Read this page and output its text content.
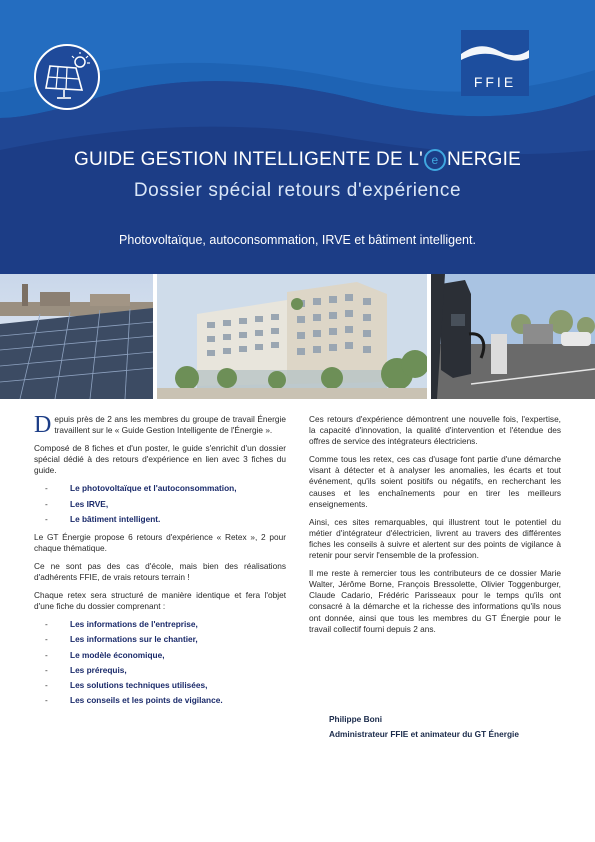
FFIE
GUIDE GESTION INTELLIGENTE DE L' e NERGIE
Dossier spécial retours d'expérience
Photovoltaïque, autoconsommation, IRVE et bâtiment intelligent.

Depuis près de 2 ans les membres du groupe de travail Énergie travaillent sur le « Guide Gestion Intelligente de l'Énergie ».

Composé de 8 fiches et d'un poster, le guide s'enrichit d'un dossier spécial dédié à des retours d'expérience en lien avec 3 fiches du guide.

- Le photovoltaïque et l'autoconsommation,
- Les IRVE,
- Le bâtiment intelligent.

Le GT Énergie propose 6 retours d'expérience « Retex », 2 pour chaque thématique.

Ce ne sont pas des cas d'école, mais bien des réalisations d'adhérents FFIE, de vrais retours terrain !

Chaque retex sera structuré de manière identique et fera l'objet d'une fiche du dossier comprenant :

- Les informations de l'entreprise,
- Les informations sur le chantier,
- Le modèle économique,
- Les prérequis,
- Les solutions techniques utilisées,
- Les conseils et les points de vigilance.

Ces retours d'expérience démontrent une nouvelle fois, l'expertise, la capacité d'innovation, la qualité d'intervention et l'étendue des offres de service des intégrateurs électriciens.

Comme tous les retex, ces cas d'usage font partie d'une démarche visant à détecter et à analyser les anomalies, les écarts et tout événement, qu'ils soient positifs ou négatifs, en recherchant les causes et les enchaînements pour en tirer les meilleurs enseignements.

Ainsi, ces sites remarquables, qui illustrent tout le potentiel du métier d'intégrateur d'électricien, livrent au travers des différentes fiches les conseils à suivre et alertent sur des points de vigilance à retenir pour servir l'ensemble de la profession.

Il me reste à remercier tous les contributeurs de ce dossier Marie Walter, Jérôme Borne, François Bressolette, Olivier Toggenburger, Claude Cadario, Frédéric Parisseaux pour le temps qu'ils ont consacré à la démarche et la richesse des informations qu'ils nous ont donnée, ainsi que tous les membres du GT Énergie pour le travail collectif fourni depuis 2 ans.

Philippe Boni
Administrateur FFIE et animateur du GT Énergie
